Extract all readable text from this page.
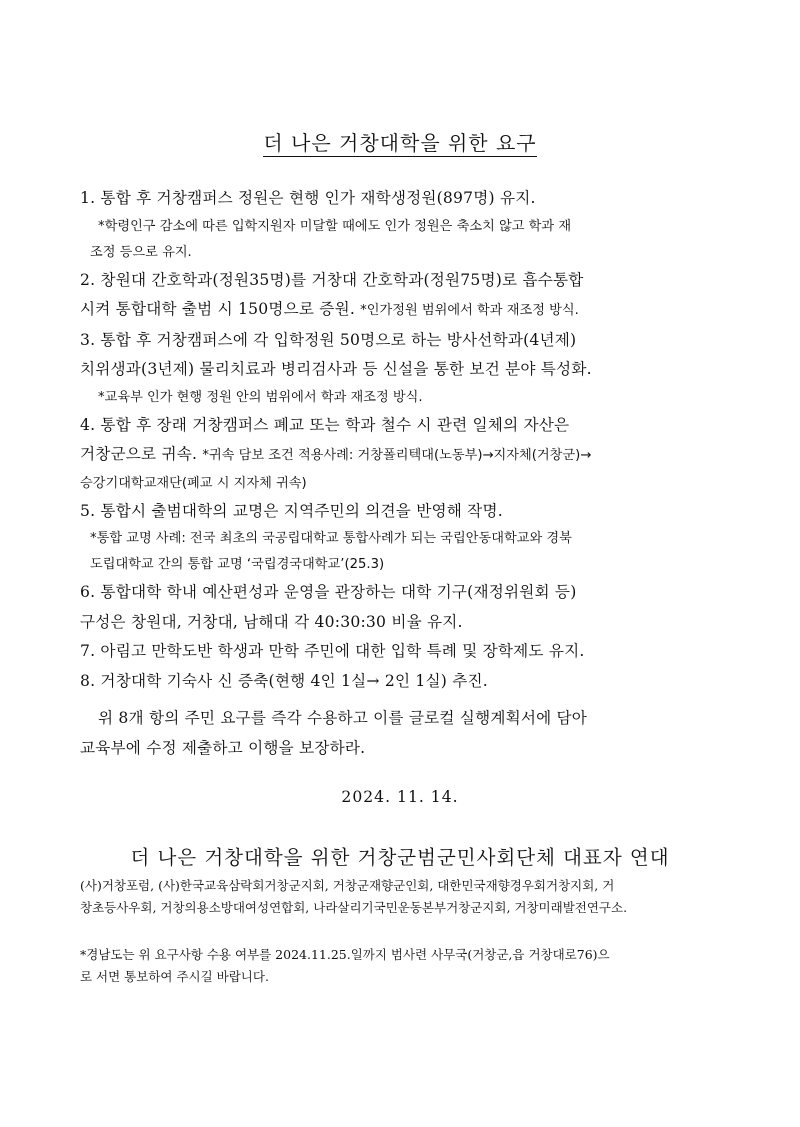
더 나은 거창대학을 위한 요구
1. 통합 후 거창캠퍼스 정원은 현행 인가 재학생정원(897명) 유지.
*학령인구 감소에 따른 입학지원자 미달할 때에도 인가 정원은 축소치 않고 학과 재
조정 등으로 유지.
2. 창원대 간호학과(정원35명)를 거창대 간호학과(정원75명)로 흡수통합
시켜 통합대학 출범 시 150명으로 증원. *인가정원 범위에서 학과 재조정 방식.
3. 통합 후 거창캠퍼스에 각 입학정원 50명으로 하는 방사선학과(4년제)
치위생과(3년제) 물리치료과 병리검사과 등 신설을 통한 보건 분야 특성화.
*교육부 인가 현행 정원 안의 범위에서 학과 재조정 방식.
4. 통합 후 장래 거창캠퍼스 폐교 또는 학과 철수 시 관련 일체의 자산은
거창군으로 귀속. *귀속 담보 조건 적용사례: 거창폴리텍대(노동부)→지자체(거창군)→
승강기대학교재단(폐교 시 지자체 귀속)
5. 통합시 출범대학의 교명은 지역주민의 의견을 반영해 작명.
*통합 교명 사례: 전국 최초의 국공립대학교 통합사례가 되는 국립안동대학교와 경북
도립대학교 간의 통합 교명 ‘국립경국대학교’(25.3)
6. 통합대학 학내 예산편성과 운영을 관장하는 대학 기구(재정위원회 등)
구성은 창원대, 거창대, 남해대 각 40:30:30 비율 유지.
7. 아림고 만학도반 학생과 만학 주민에 대한 입학 특례 및 장학제도 유지.
8. 거창대학 기숙사 신 증축(현행 4인 1실→ 2인 1실) 추진.
위 8개 항의 주민 요구를 즉각 수용하고 이를 글로컬 실행계획서에 담아
교육부에 수정 제출하고 이행을 보장하라.
2024. 11. 14.
더 나은 거창대학을 위한 거창군범군민사회단체 대표자 연대
(사)거창포럼, (사)한국교육삼락회거창군지회, 거창군재향군인회, 대한민국재향경우회거창지회, 거
창초등사우회, 거창의용소방대여성연합회, 나라살리기국민운동본부거창군지회, 거창미래발전연구소.
*경남도는 위 요구사항 수용 여부를 2024.11.25.일까지 범사련 사무국(거창군,읍 거창대로76)으
로 서면 통보하여 주시길 바랍니다.
